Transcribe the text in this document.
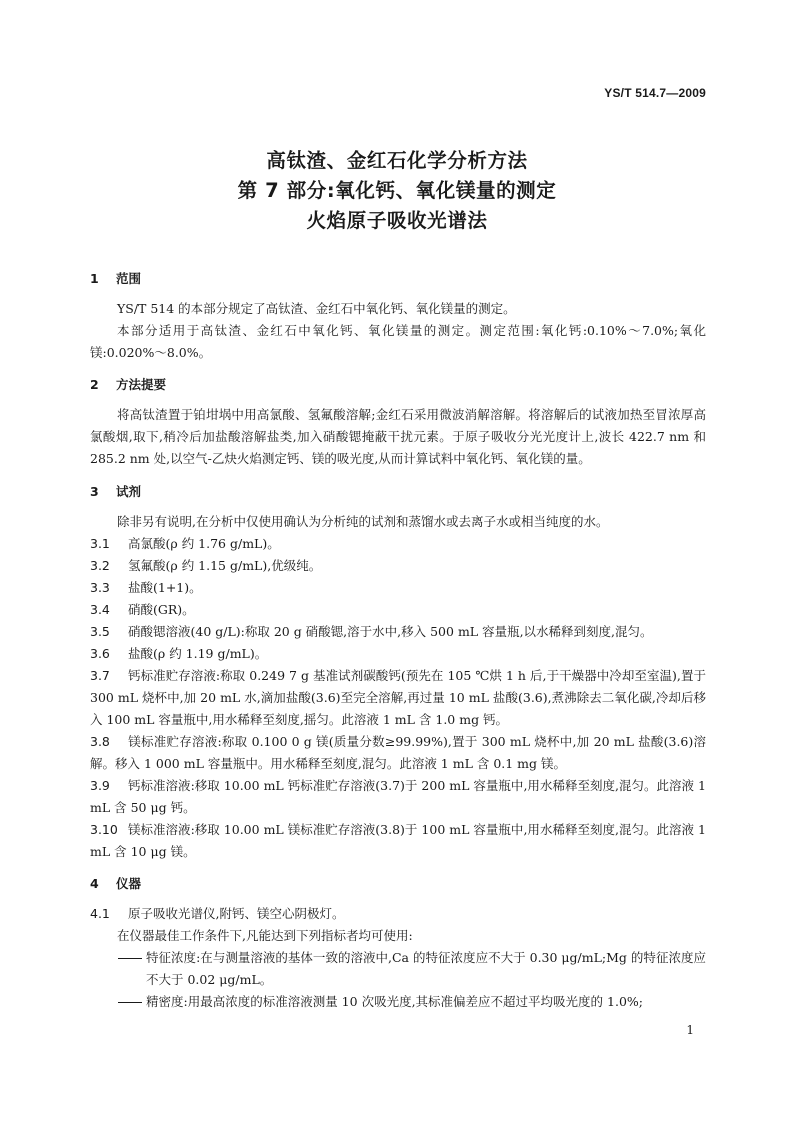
YS/T 514.7—2009
高钛渣、金红石化学分析方法
第 7 部分:氧化钙、氧化镁量的测定
火焰原子吸收光谱法
1 范围

YS/T 514 的本部分规定了高钛渣、金红石中氧化钙、氧化镁量的测定。

本部分适用于高钛渣、金红石中氧化钙、氧化镁量的测定。测定范围:氧化钙:0.10%～7.0%;氧化镁:0.020%～8.0%。

2 方法提要

将高钛渣置于铂坩埚中用高氯酸、氢氟酸溶解;金红石采用微波消解溶解。将溶解后的试液加热至冒浓厚高氯酸烟,取下,稍冷后加盐酸溶解盐类,加入硝酸锶掩蔽干扰元素。于原子吸收分光光度计上,波长 422.7 nm 和 285.2 nm 处,以空气-乙炔火焰测定钙、镁的吸光度,从而计算试料中氧化钙、氧化镁的量。

3 试剂

除非另有说明,在分析中仅使用确认为分析纯的试剂和蒸馏水或去离子水或相当纯度的水。

3.1 高氯酸(ρ 约 1.76 g/mL)。

3.2 氢氟酸(ρ 约 1.15 g/mL),优级纯。

3.3 盐酸(1+1)。

3.4 硝酸(GR)。

3.5 硝酸锶溶液(40 g/L):称取 20 g 硝酸锶,溶于水中,移入 500 mL 容量瓶,以水稀释到刻度,混匀。

3.6 盐酸(ρ 约 1.19 g/mL)。

3.7 钙标准贮存溶液:称取 0.249 7 g 基准试剂碳酸钙(预先在 105 ℃烘 1 h 后,于干燥器中冷却至室温),置于 300 mL 烧杯中,加 20 mL 水,滴加盐酸(3.6)至完全溶解,再过量 10 mL 盐酸(3.6),煮沸除去二氧化碳,冷却后移入 100 mL 容量瓶中,用水稀释至刻度,摇匀。此溶液 1 mL 含 1.0 mg 钙。

3.8 镁标准贮存溶液:称取 0.100 0 g 镁(质量分数≥99.99%),置于 300 mL 烧杯中,加 20 mL 盐酸(3.6)溶解。移入 1 000 mL 容量瓶中。用水稀释至刻度,混匀。此溶液 1 mL 含 0.1 mg 镁。

3.9 钙标准溶液:移取 10.00 mL 钙标准贮存溶液(3.7)于 200 mL 容量瓶中,用水稀释至刻度,混匀。此溶液 1 mL 含 50 μg 钙。

3.10 镁标准溶液:移取 10.00 mL 镁标准贮存溶液(3.8)于 100 mL 容量瓶中,用水稀释至刻度,混匀。此溶液 1 mL 含 10 μg 镁。

4 仪器

4.1 原子吸收光谱仪,附钙、镁空心阴极灯。

在仪器最佳工作条件下,凡能达到下列指标者均可使用:

特征浓度:在与测量溶液的基体一致的溶液中,Ca 的特征浓度应不大于 0.30 μg/mL;Mg 的特征浓度应不大于 0.02 μg/mL。

精密度:用最高浓度的标准溶液测量 10 次吸光度,其标准偏差应不超过平均吸光度的 1.0%;

1
